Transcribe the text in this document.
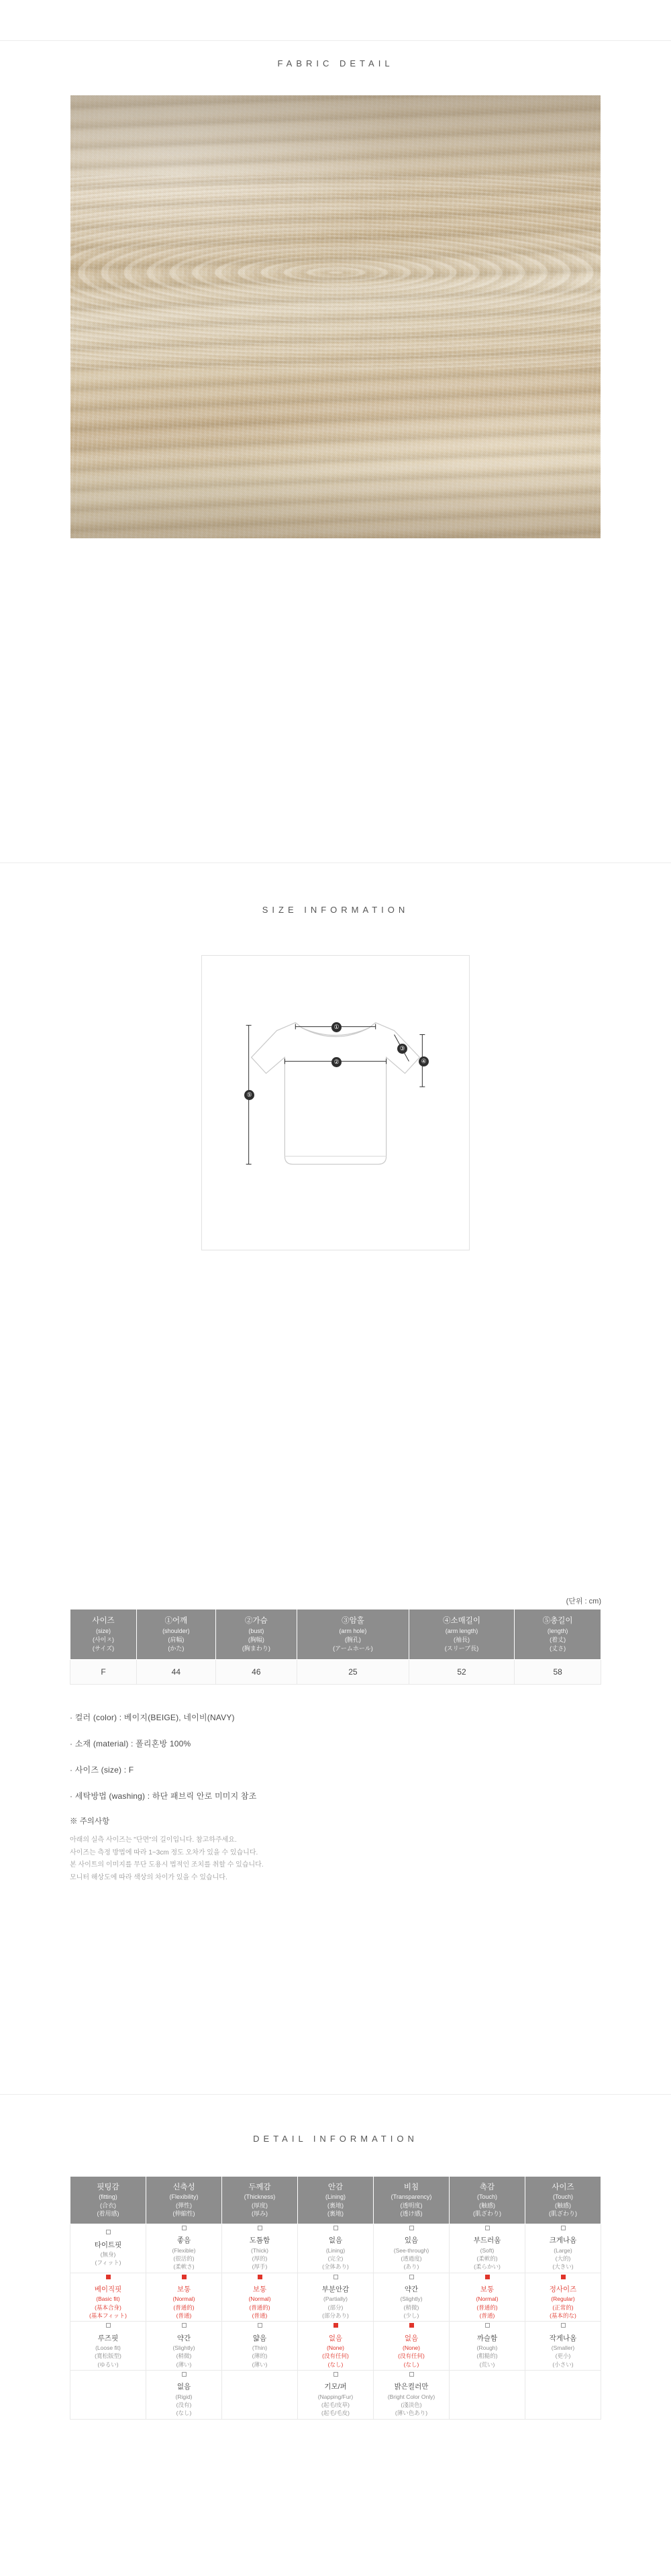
FABRIC DETAIL
SIZE INFORMATION
①
②
③
④
⑤
(단위 : cm)
사이즈
(size)
(사이ㅈ)
(サイズ)	①어깨
(shoulder)
(肩幅)
(かた)	②가슴
(bust)
(胸幅)
(胸まわり)	③암홀
(arm hole)
(腕孔)
(アームホール)	④소매길이
(arm length)
(袖長)
(スリーブ長)	⑤총길이
(length)
(着丈)
(丈さ)

F	44	46	25	52	58
· 컬러 (color) : 베이지(BEIGE), 네이비(NAVY)
· 소재 (material) : 폴리혼방 100%
· 사이즈 (size) : F
· 세탁방법 (washing) : 하단 패브릭 안로 미미지 참조
※ 주의사항
아래의 실측 사이즈는 "단면"의 길이입니다. 참고하주세요.
사이즈는 측정 방법에 따라 1~3cm 정도 오차가 있을 수 있습니다.
본 사이트의 이미지를 무단 도용시 법적인 조치를 취할 수 있습니다.
모니터 해상도에 따라 색상의 차이가 있을 수 있습니다.
DETAIL INFORMATION
핏팅감
(fitting)
(合衣)
(着用感)	신축성
(Flexibility)
(弾性)
(伸縮性)	두께감
(Thickness)
(厚度)
(厚み)	안감
(Lining)
(裏地)
(裏地)	비침
(Transparency)
(透明度)
(透け感)	촉감
(Touch)
(触感)
(肌ざわり)	사이즈
(Touch)
(触感)
(肌ざわり)

타이트핏
(無身)
(フィット)	좋음
(Flexible)
(很活的)
(柔軟さ)	도톰함
(Thick)
(厚的)
(厚手)	없음
(Lining)
(完全)
(全体あり)	있음
(See-through)
(透過度)
(あり)	부드러움
(Soft)
(柔軟的)
(柔らかい)	크게나옴
(Large)
(大的)
(大きい)

베이직핏
(Basic fit)
(基本合身)
(基本フィット)	보통
(Normal)
(普通的)
(普通)	보통
(Normal)
(普通的)
(普通)	부분안감
(Partially)
(部分)
(部分あり)	약간
(Slightly)
(稍微)
(少し)	보통
(Normal)
(普通的)
(普通)	정사이즈
(Regular)
(正常的)
(基本的な)

루즈핏
(Loose fit)
(寬松版型)
(ゆるい)	약간
(Slightly)
(稍微)
(薄い)	얇음
(Thin)
(薄的)
(薄い)	없음
(None)
(没有任何)
(なし)	없음
(None)
(没有任何)
(なし)	까슬함
(Rough)
(粗糙的)
(荒い)	작게나옴
(Smaller)
(更小)
(小さい)

	없음
(Rigid)
(没有)
(なし)		기모/퍼
(Napping/Fur)
(起毛/皮草)
(起毛/毛皮)	밝은컬러만
(Bright Color Only)
(淺淡色)
(薄い色あり)		
